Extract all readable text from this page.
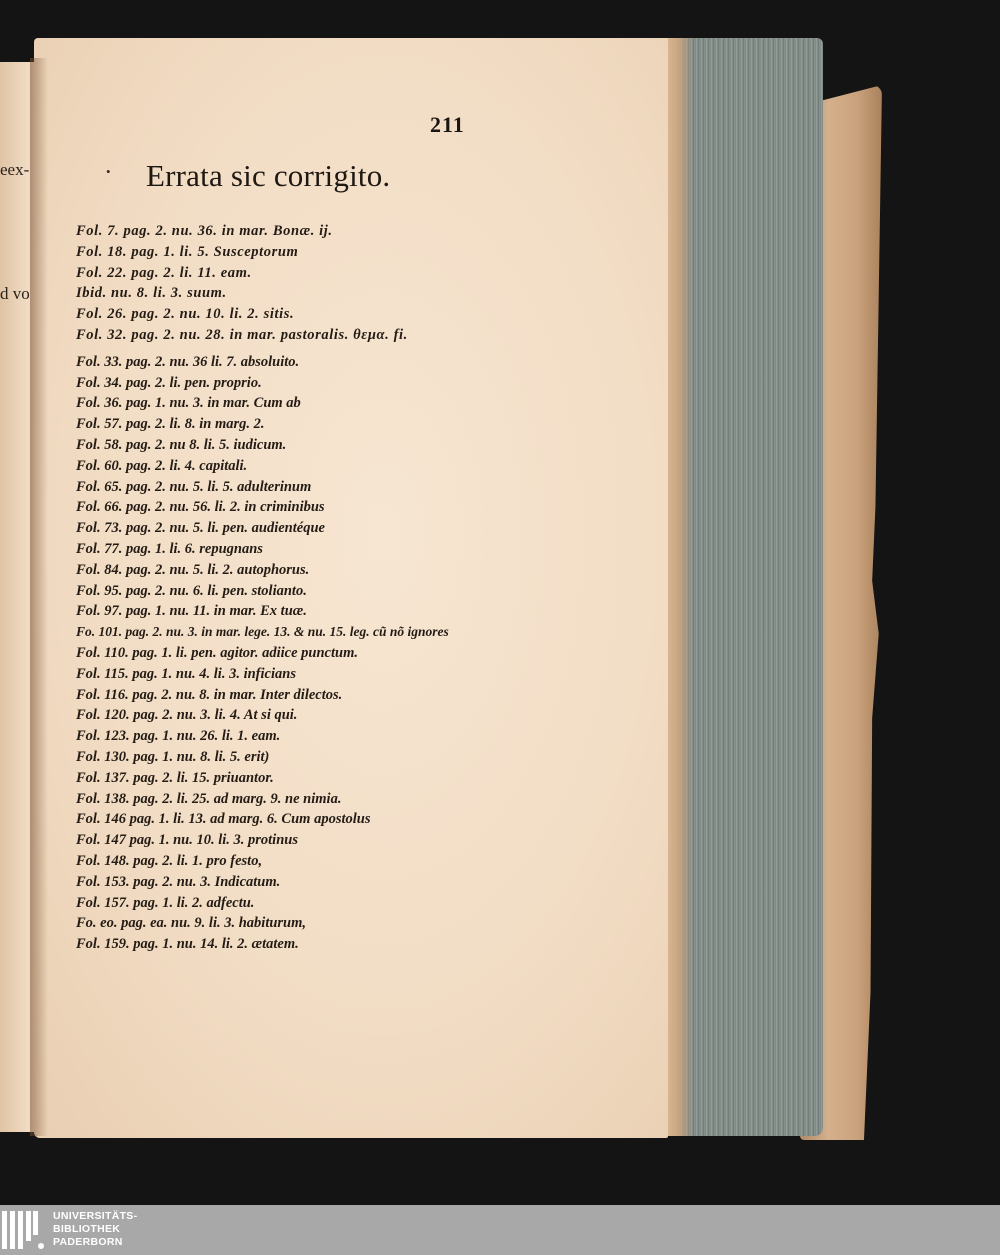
eex-
d vo
211
• Errata sic corrigito.
Fol. 7. pag. 2. nu. 36. in mar. Bonæ. ij.
Fol. 18. pag. 1. li. 5. Susceptorum
Fol. 22. pag. 2. li. 11. eam.
Ibid. nu. 8. li. 3. suum.
Fol. 26. pag. 2. nu. 10. li. 2. sitis.
Fol. 32. pag. 2. nu. 28. in mar. pastoralis. θεμα. fi.
Fol. 33. pag. 2. nu. 36 li. 7. absoluito.
Fol. 34. pag. 2. li. pen. proprio.
Fol. 36. pag. 1. nu. 3. in mar. Cum ab
Fol. 57. pag. 2. li. 8. in marg. 2.
Fol. 58. pag. 2. nu 8. li. 5. iudicum.
Fol. 60. pag. 2. li. 4. capitali.
Fol. 65. pag. 2. nu. 5. li. 5. adulterinum
Fol. 66. pag. 2. nu. 56. li. 2. in criminibus
Fol. 73. pag. 2. nu. 5. li. pen. audientéque
Fol. 77. pag. 1. li. 6. repugnans
Fol. 84. pag. 2. nu. 5. li. 2. autophorus.
Fol. 95. pag. 2. nu. 6. li. pen. stolianto.
Fol. 97. pag. 1. nu. 11. in mar. Ex tuæ.
Fo. 101. pag. 2. nu. 3. in mar. lege. 13. & nu. 15. leg. cũ nõ ignores
Fol. 110. pag. 1. li. pen. agitor. adiice punctum.
Fol. 115. pag. 1. nu. 4. li. 3. inficians
Fol. 116. pag. 2. nu. 8. in mar. Inter dilectos.
Fol. 120. pag. 2. nu. 3. li. 4. At si qui.
Fol. 123. pag. 1. nu. 26. li. 1. eam.
Fol. 130. pag. 1. nu. 8. li. 5. erit)
Fol. 137. pag. 2. li. 15. priuantor.
Fol. 138. pag. 2. li. 25. ad marg. 9. ne nimia.
Fol. 146 pag. 1. li. 13. ad marg. 6. Cum apostolus
Fol. 147 pag. 1. nu. 10. li. 3. protinus
Fol. 148. pag. 2. li. 1. pro festo,
Fol. 153. pag. 2. nu. 3. Indicatum.
Fol. 157. pag. 1. li. 2. adfectu.
Fo. eo. pag. ea. nu. 9. li. 3. habiturum,
Fol. 159. pag. 1. nu. 14. li. 2. ætatem.

UNIVERSITÄTS-
BIBLIOTHEK
PADERBORN
